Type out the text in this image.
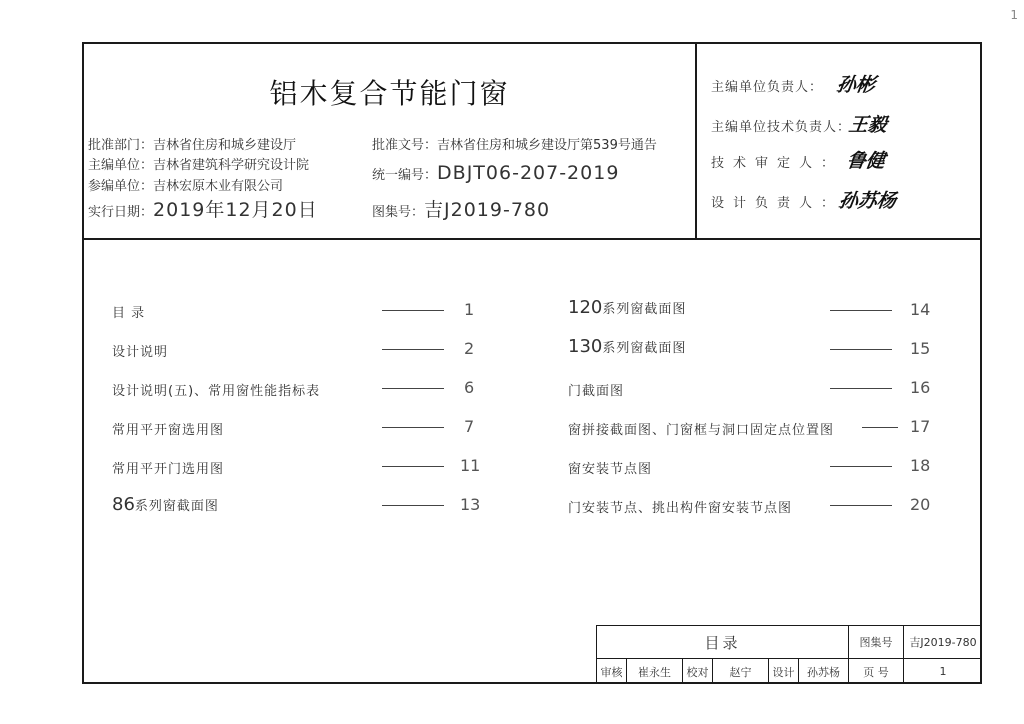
1
铝木复合节能门窗
批准部门：吉林省住房和城乡建设厅
主编单位：吉林省建筑科学研究设计院
参编单位：吉林宏原木业有限公司
实行日期：2019年12月20日
批准文号：吉林省住房和城乡建设厅第539号通告
统一编号：DBJT06-207-2019
图集号：吉J2019-780
主编单位负责人： 孙彬
主编单位技术负责人：
王毅
技术审定人： 鲁健
设计负责人：
孙苏杨
目 录	1
设计说明	2
设计说明(五)、常用窗性能指标表	6
常用平开窗选用图	7
常用平开门选用图	11
86系列窗截面图	13
120系列窗截面图	14
130系列窗截面图	15
门截面图	16
窗拼接截面图、门窗框与洞口固定点位置图	17
窗安装节点图	18
门安装节点、挑出构件窗安装节点图	20
目录	图集号	吉J2019-780
审核	崔永生	校对	赵宁	设计	孙苏杨	页 号	1
